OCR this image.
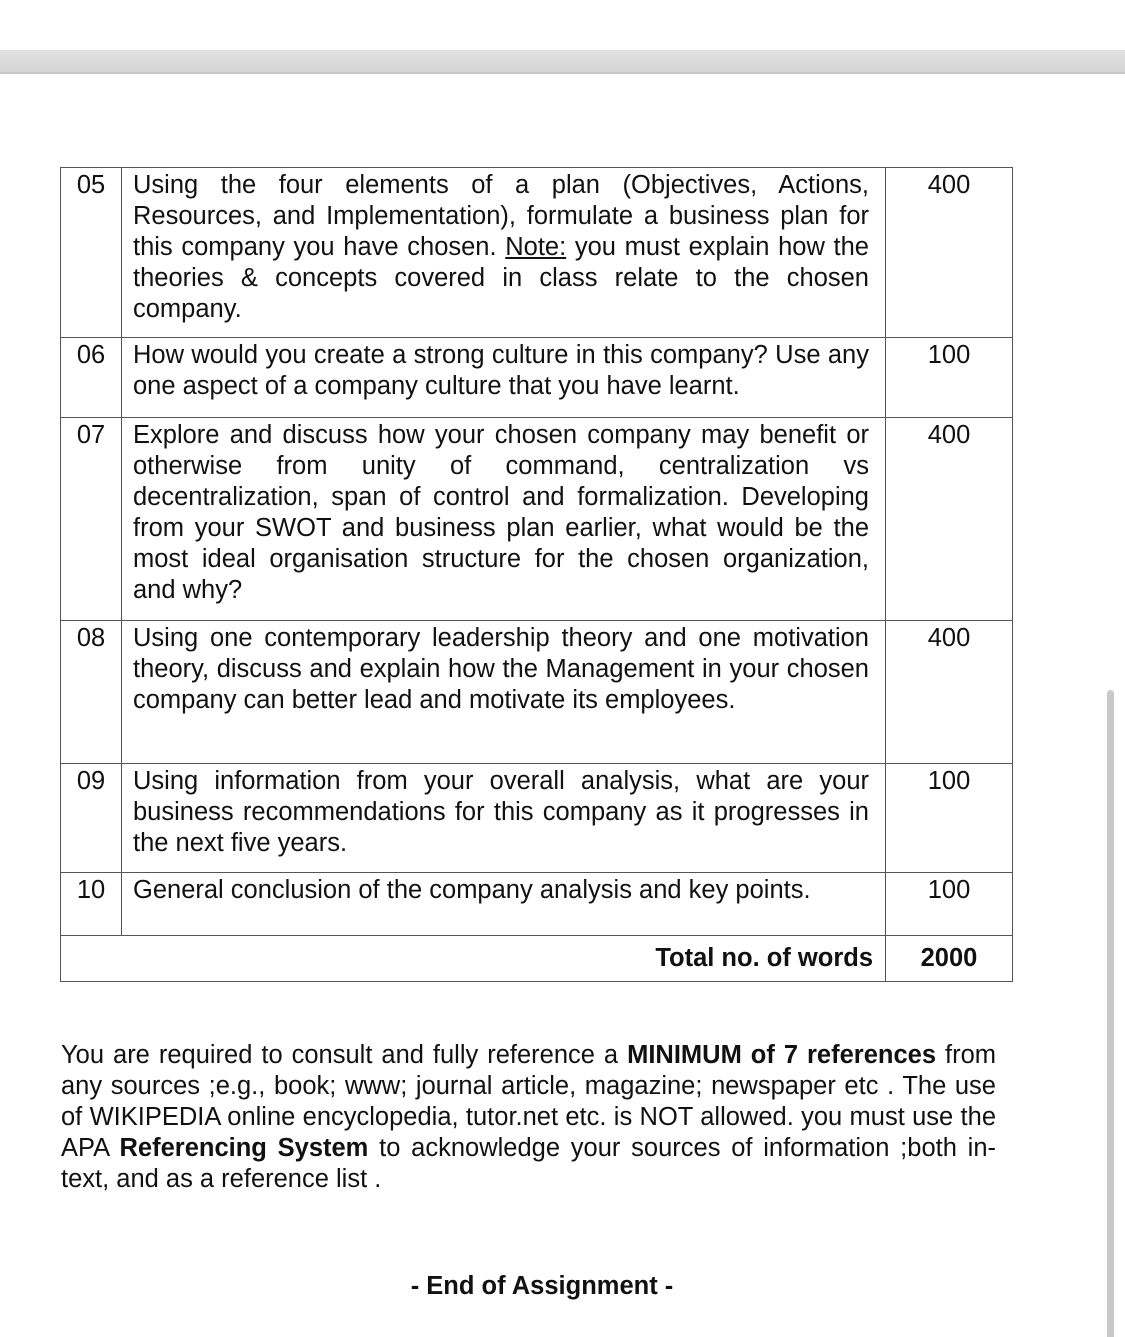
05	Using the four elements of a plan (Objectives, Actions, Resources, and Implementation), formulate a business plan for this company you have chosen. Note: you must explain how the theories & concepts covered in class relate to the chosen company.	400
06	How would you create a strong culture in this company? Use any one aspect of a company culture that you have learnt.	100
07	Explore and discuss how your chosen company may benefit or otherwise from unity of command, centralization vs decentralization, span of control and formalization. Developing from your SWOT and business plan earlier, what would be the most ideal organisation structure for the chosen organization, and why?	400
08	Using one contemporary leadership theory and one motivation theory, discuss and explain how the Management in your chosen company can better lead and motivate its employees.	400
09	Using information from your overall analysis, what are your business recommendations for this company as it progresses in the next five years.	100
10	General conclusion of the company analysis and key points.	100
Total no. of words		2000

You are required to consult and fully reference a MINIMUM of 7 references from any sources ;e.g., book; www; journal article, magazine; newspaper etc . The use of WIKIPEDIA online encyclopedia, tutor.net etc. is NOT allowed. you must use the APA Referencing System to acknowledge your sources of information ;both in-text, and as a reference list .

- End of Assignment -
